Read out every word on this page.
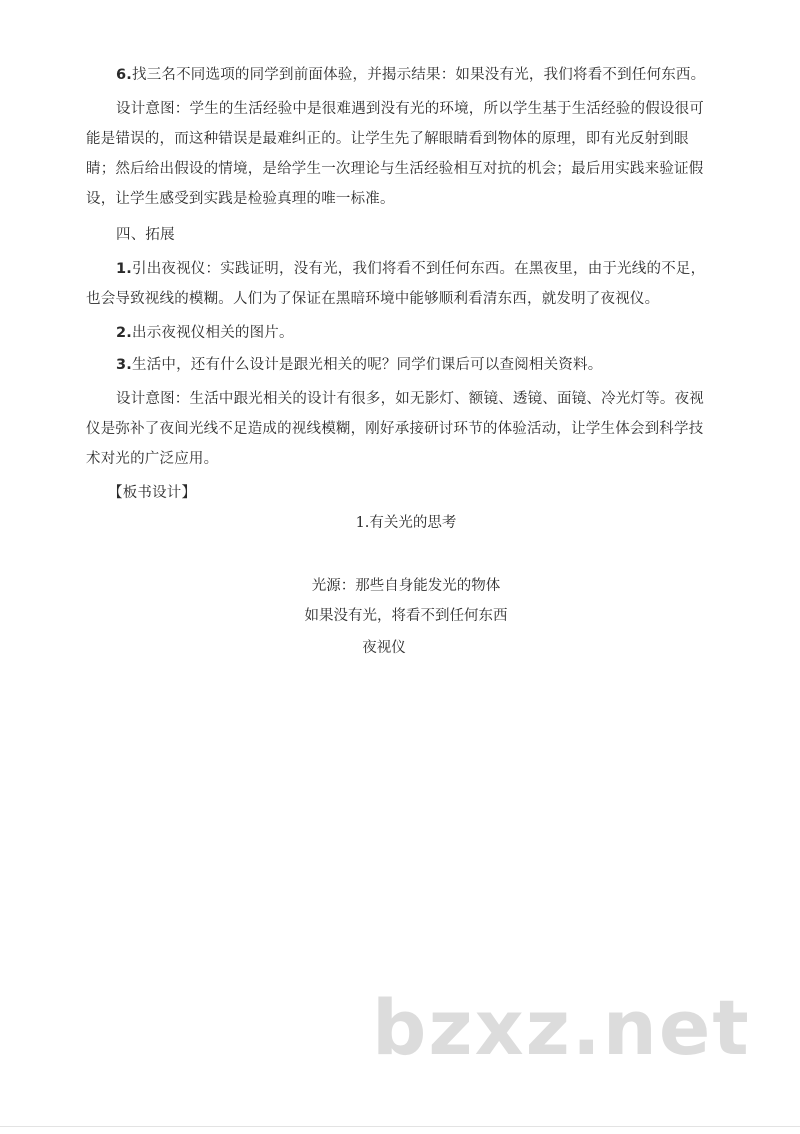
6.找三名不同选项的同学到前面体验，并揭示结果：如果没有光，我们将看不到任何东西。

设计意图：学生的生活经验中是很难遇到没有光的环境，所以学生基于生活经验的假设很可能是错误的，而这种错误是最难纠正的。让学生先了解眼睛看到物体的原理，即有光反射到眼睛；然后给出假设的情境，是给学生一次理论与生活经验相互对抗的机会；最后用实践来验证假设，让学生感受到实践是检验真理的唯一标准。

四、拓展

1.引出夜视仪：实践证明，没有光，我们将看不到任何东西。在黑夜里，由于光线的不足，也会导致视线的模糊。人们为了保证在黑暗环境中能够顺利看清东西，就发明了夜视仪。

2.出示夜视仪相关的图片。

3.生活中，还有什么设计是跟光相关的呢？同学们课后可以查阅相关资料。

设计意图：生活中跟光相关的设计有很多，如无影灯、额镜、透镜、面镜、冷光灯等。夜视仪是弥补了夜间光线不足造成的视线模糊，刚好承接研讨环节的体验活动，让学生体会到科学技术对光的广泛应用。

【板书设计】

1.有关光的思考

光源：那些自身能发光的物体

如果没有光，将看不到任何东西

夜视仪

bzxz.net
